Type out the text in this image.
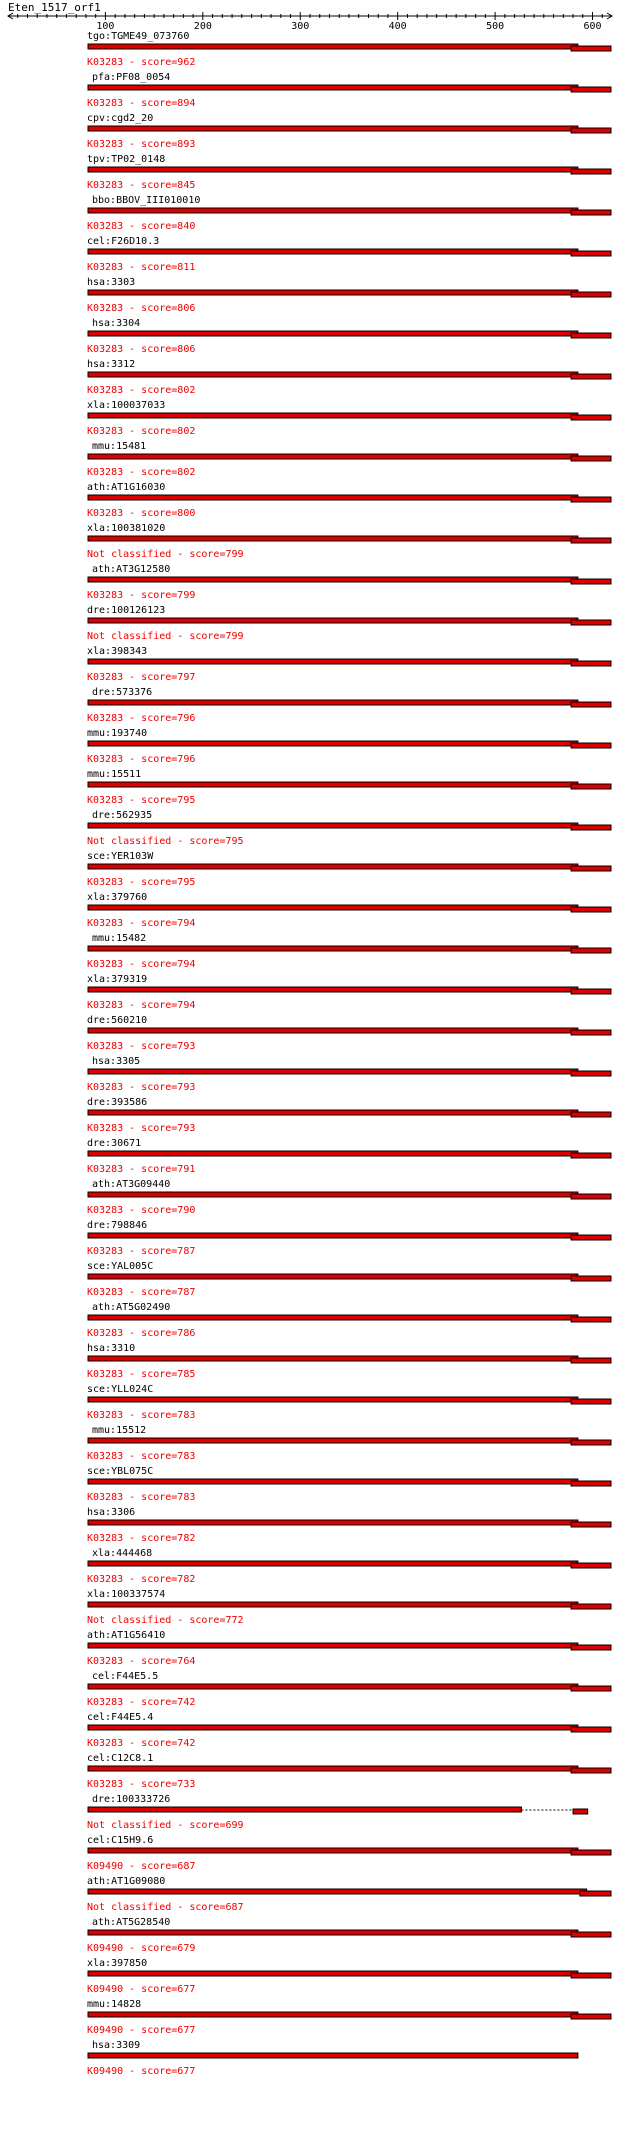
Eten_1517_orf1
100	200	300	400	500	600
tgo:TGME49_073760
K03283 - score=962
pfa:PF08_0054
K03283 - score=894
cpv:cgd2_20
K03283 - score=893
tpv:TP02_0148
K03283 - score=845
bbo:BBOV_III010010
K03283 - score=840
cel:F26D10.3
K03283 - score=811
hsa:3303
K03283 - score=806
hsa:3304
K03283 - score=806
hsa:3312
K03283 - score=802
xla:100037033
K03283 - score=802
mmu:15481
K03283 - score=802
ath:AT1G16030
K03283 - score=800
xla:100381020
Not classified - score=799
ath:AT3G12580
K03283 - score=799
dre:100126123
Not classified - score=799
xla:398343
K03283 - score=797
dre:573376
K03283 - score=796
mmu:193740
K03283 - score=796
mmu:15511
K03283 - score=795
dre:562935
Not classified - score=795
sce:YER103W
K03283 - score=795
xla:379760
K03283 - score=794
mmu:15482
K03283 - score=794
xla:379319
K03283 - score=794
dre:560210
K03283 - score=793
hsa:3305
K03283 - score=793
dre:393586
K03283 - score=793
dre:30671
K03283 - score=791
ath:AT3G09440
K03283 - score=790
dre:798846
K03283 - score=787
sce:YAL005C
K03283 - score=787
ath:AT5G02490
K03283 - score=786
hsa:3310
K03283 - score=785
sce:YLL024C
K03283 - score=783
mmu:15512
K03283 - score=783
sce:YBL075C
K03283 - score=783
hsa:3306
K03283 - score=782
xla:444468
K03283 - score=782
xla:100337574
Not classified - score=772
ath:AT1G56410
K03283 - score=764
cel:F44E5.5
K03283 - score=742
cel:F44E5.4
K03283 - score=742
cel:C12C8.1
K03283 - score=733
dre:100333726
Not classified - score=699
cel:C15H9.6
K09490 - score=687
ath:AT1G09080
Not classified - score=687
ath:AT5G28540
K09490 - score=679
xla:397850
K09490 - score=677
mmu:14828
K09490 - score=677
hsa:3309
K09490 - score=677
